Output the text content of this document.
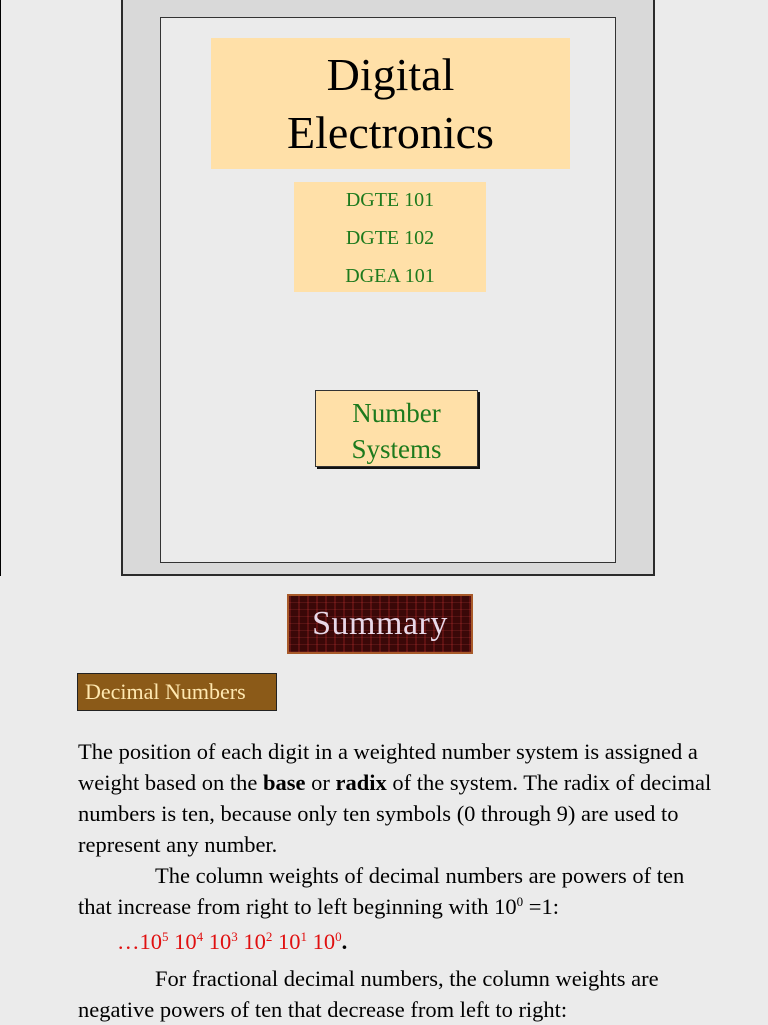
Digital
Electronics
DGTE 101
DGTE 102
DGEA 101
Number
Systems
Summary
Decimal Numbers

The position of each digit in a weighted number system is assigned a weight based on the base or radix of the system. The radix of decimal numbers is ten, because only ten symbols (0 through 9) are used to represent any number.

The column weights of decimal numbers are powers of ten that increase from right to left beginning with $10^0 =1$:

$\dots 10^5$ $10^4$ $10^3$ $10^2$ $10^1$ $10^0$.

For fractional decimal numbers, the column weights are negative powers of ten that decrease from left to right:
